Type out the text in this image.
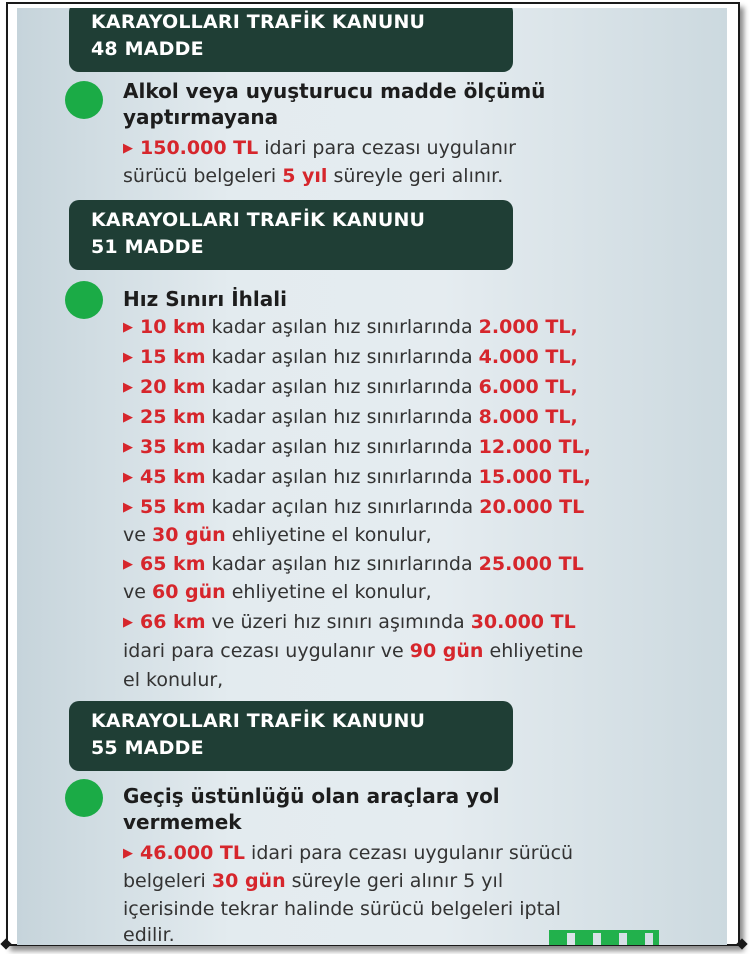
KARAYOLLARI TRAFİK KANUNU
48 MADDE
Alkol veya uyuşturucu madde ölçümü
yaptırmayana
▶ 150.000 TL idari para cezası uygulanır
sürücü belgeleri 5 yıl süreyle geri alınır.
KARAYOLLARI TRAFİK KANUNU
51 MADDE
Hız Sınırı İhlali
▶ 10 km kadar aşılan hız sınırlarında 2.000 TL,
▶ 15 km kadar aşılan hız sınırlarında 4.000 TL,
▶ 20 km kadar aşılan hız sınırlarında 6.000 TL,
▶ 25 km kadar aşılan hız sınırlarında 8.000 TL,
▶ 35 km kadar aşılan hız sınırlarında 12.000 TL,
▶ 45 km kadar aşılan hız sınırlarında 15.000 TL,
▶ 55 km kadar açılan hız sınırlarında 20.000 TL
ve 30 gün ehliyetine el konulur,
▶ 65 km kadar aşılan hız sınırlarında 25.000 TL
ve 60 gün ehliyetine el konulur,
▶ 66 km ve üzeri hız sınırı aşımında 30.000 TL
idari para cezası uygulanır ve 90 gün ehliyetine
el konulur,
KARAYOLLARI TRAFİK KANUNU
55 MADDE
Geçiş üstünlüğü olan araçlara yol
vermemek
▶ 46.000 TL idari para cezası uygulanır sürücü
belgeleri 30 gün süreyle geri alınır 5 yıl
içerisinde tekrar halinde sürücü belgeleri iptal
edilir.
